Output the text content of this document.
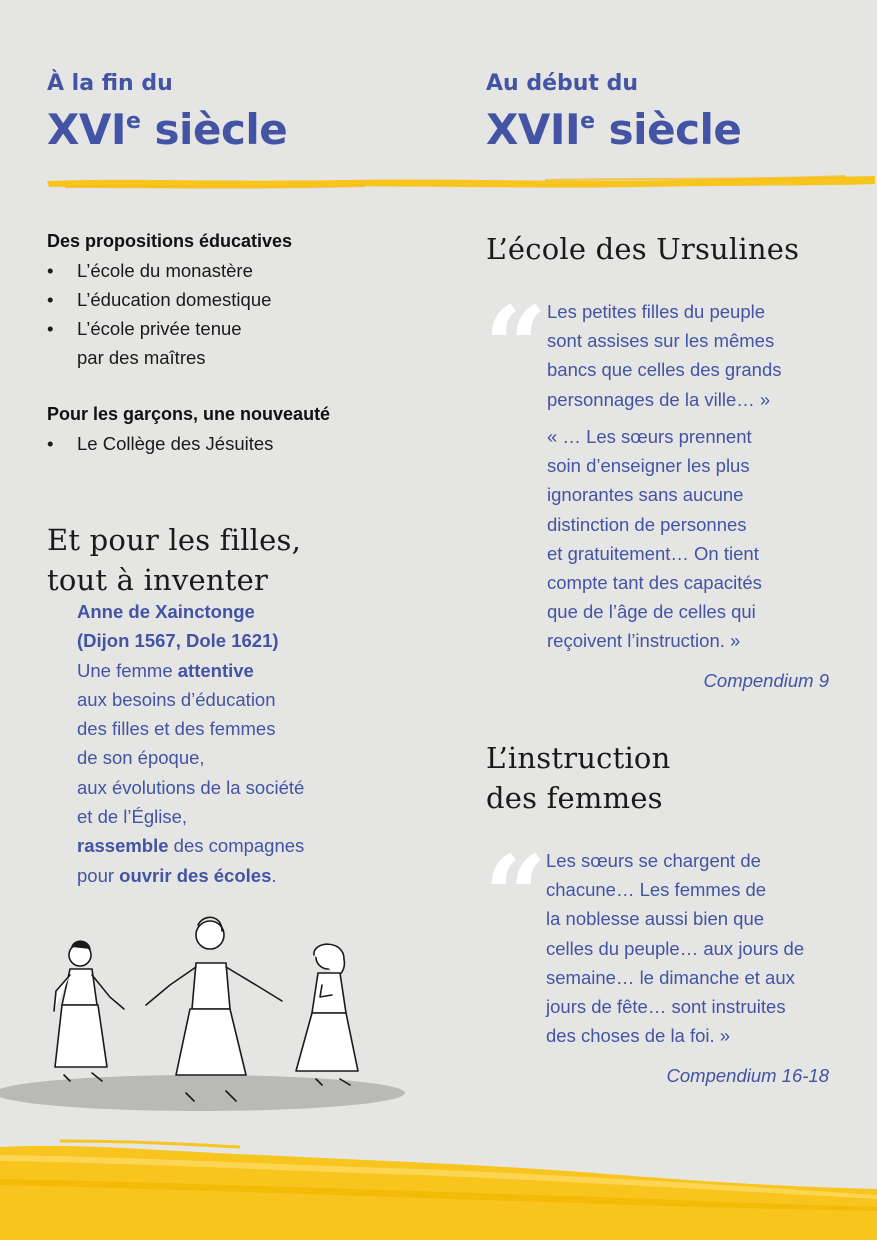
À la fin du
XVIe siècle
Au début du
XVIIe siècle
Des propositions éducatives
• L’école du monastère
• L’éducation domestique
• L’école privée tenue
par des maîtres
Pour les garçons, une nouveauté
• Le Collège des Jésuites
Et pour les filles,
tout à inventer
Anne de Xainctonge
(Dijon 1567, Dole 1621)
Une femme attentive
aux besoins d’éducation
des filles et des femmes
de son époque,
aux évolutions de la société
et de l’Église,
rassemble des compagnes
pour ouvrir des écoles.
L’école des Ursulines
“ Les petites filles du peuple
sont assises sur les mêmes
bancs que celles des grands
personnages de la ville… »
« … Les sœurs prennent
soin d’enseigner les plus
ignorantes sans aucune
distinction de personnes
et gratuitement… On tient
compte tant des capacités
que de l’âge de celles qui
reçoivent l’instruction. »
Compendium 9
L’instruction
des femmes
“
Les sœurs se chargent de
chacune… Les femmes de
la noblesse aussi bien que
celles du peuple… aux jours de
semaine… le dimanche et aux
jours de fête… sont instruites
des choses de la foi. »
Compendium 16-18
